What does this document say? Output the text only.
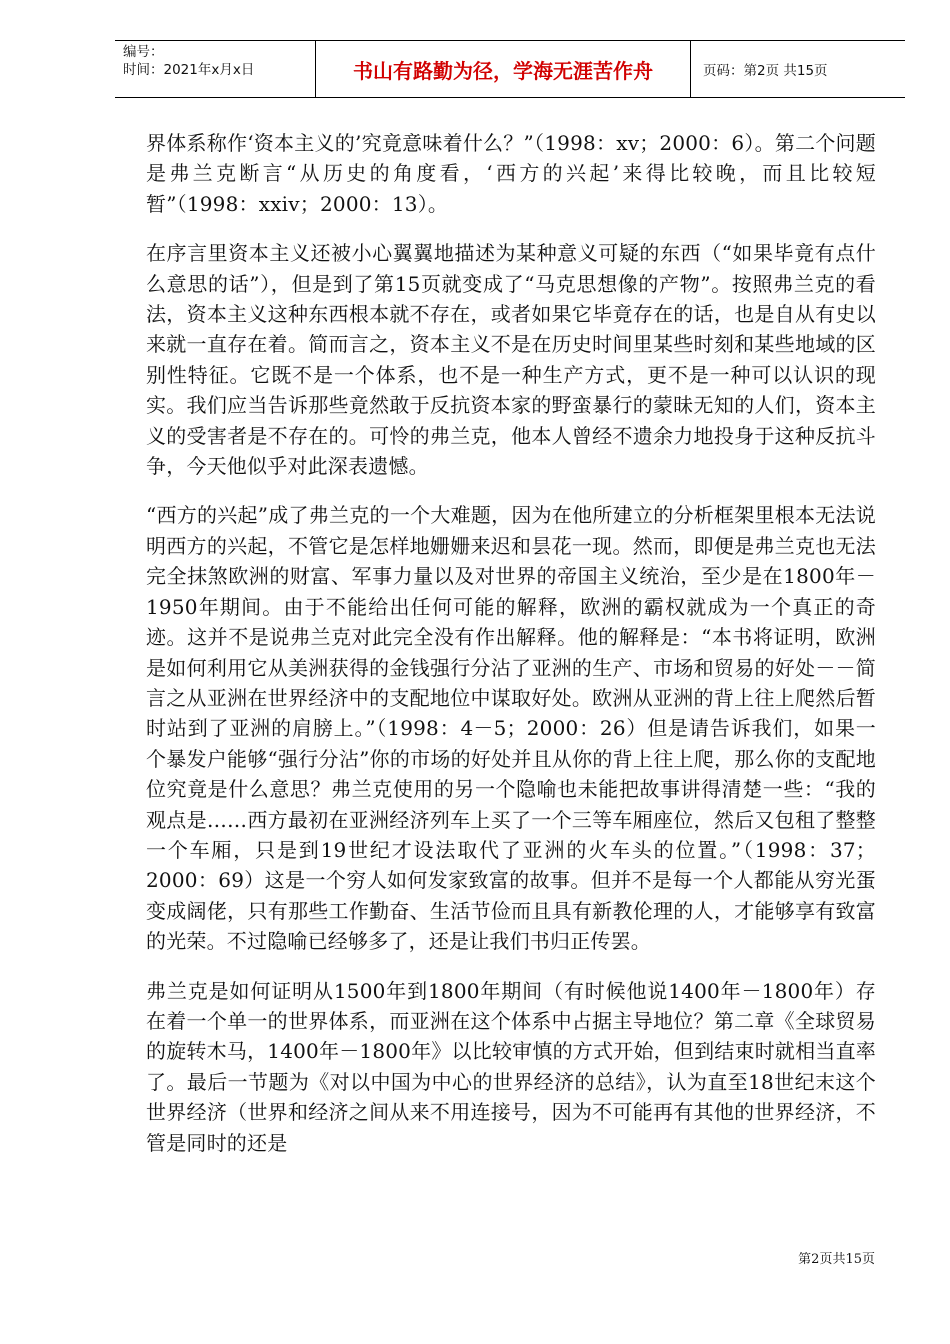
编号：
时间：2021年x月x日	书山有路勤为径，学海无涯苦作舟	页码：第2页 共15页

界体系称作‘资本主义的’究竟意味着什么？”（1998：xv；2000：6）。第二个问题是弗兰克断言“从历史的角度看，‘西方的兴起’来得比较晚，而且比较短暂”（1998：xxiv；2000：13）。

在序言里资本主义还被小心翼翼地描述为某种意义可疑的东西（“如果毕竟有点什么意思的话”），但是到了第15页就变成了“马克思想像的产物”。按照弗兰克的看法，资本主义这种东西根本就不存在，或者如果它毕竟存在的话，也是自从有史以来就一直存在着。简而言之，资本主义不是在历史时间里某些时刻和某些地域的区别性特征。它既不是一个体系，也不是一种生产方式，更不是一种可以认识的现实。我们应当告诉那些竟然敢于反抗资本家的野蛮暴行的蒙昧无知的人们，资本主义的受害者是不存在的。可怜的弗兰克，他本人曾经不遗余力地投身于这种反抗斗争，今天他似乎对此深表遗憾。

“西方的兴起”成了弗兰克的一个大难题，因为在他所建立的分析框架里根本无法说明西方的兴起，不管它是怎样地姗姗来迟和昙花一现。然而，即便是弗兰克也无法完全抹煞欧洲的财富、军事力量以及对世界的帝国主义统治，至少是在1800年－1950年期间。由于不能给出任何可能的解释，欧洲的霸权就成为一个真正的奇迹。这并不是说弗兰克对此完全没有作出解释。他的解释是：“本书将证明，欧洲是如何利用它从美洲获得的金钱强行分沾了亚洲的生产、市场和贸易的好处－－简言之从亚洲在世界经济中的支配地位中谋取好处。欧洲从亚洲的背上往上爬然后暂时站到了亚洲的肩膀上。”（1998：4－5；2000：26）但是请告诉我们，如果一个暴发户能够“强行分沾”你的市场的好处并且从你的背上往上爬，那么你的支配地位究竟是什么意思？弗兰克使用的另一个隐喻也未能把故事讲得清楚一些：“我的观点是……西方最初在亚洲经济列车上买了一个三等车厢座位，然后又包租了整整一个车厢，只是到19世纪才设法取代了亚洲的火车头的位置。”（1998：37；2000：69）这是一个穷人如何发家致富的故事。但并不是每一个人都能从穷光蛋变成阔佬，只有那些工作勤奋、生活节俭而且具有新教伦理的人，才能够享有致富的光荣。不过隐喻已经够多了，还是让我们书归正传罢。

弗兰克是如何证明从1500年到1800年期间（有时候他说1400年－1800年）存在着一个单一的世界体系，而亚洲在这个体系中占据主导地位？第二章《全球贸易的旋转木马，1400年－1800年》以比较审慎的方式开始，但到结束时就相当直率了。最后一节题为《对以中国为中心的世界经济的总结》，认为直至18世纪末这个世界经济（世界和经济之间从来不用连接号，因为不可能再有其他的世界经济，不管是同时的还是

第2页共15页
